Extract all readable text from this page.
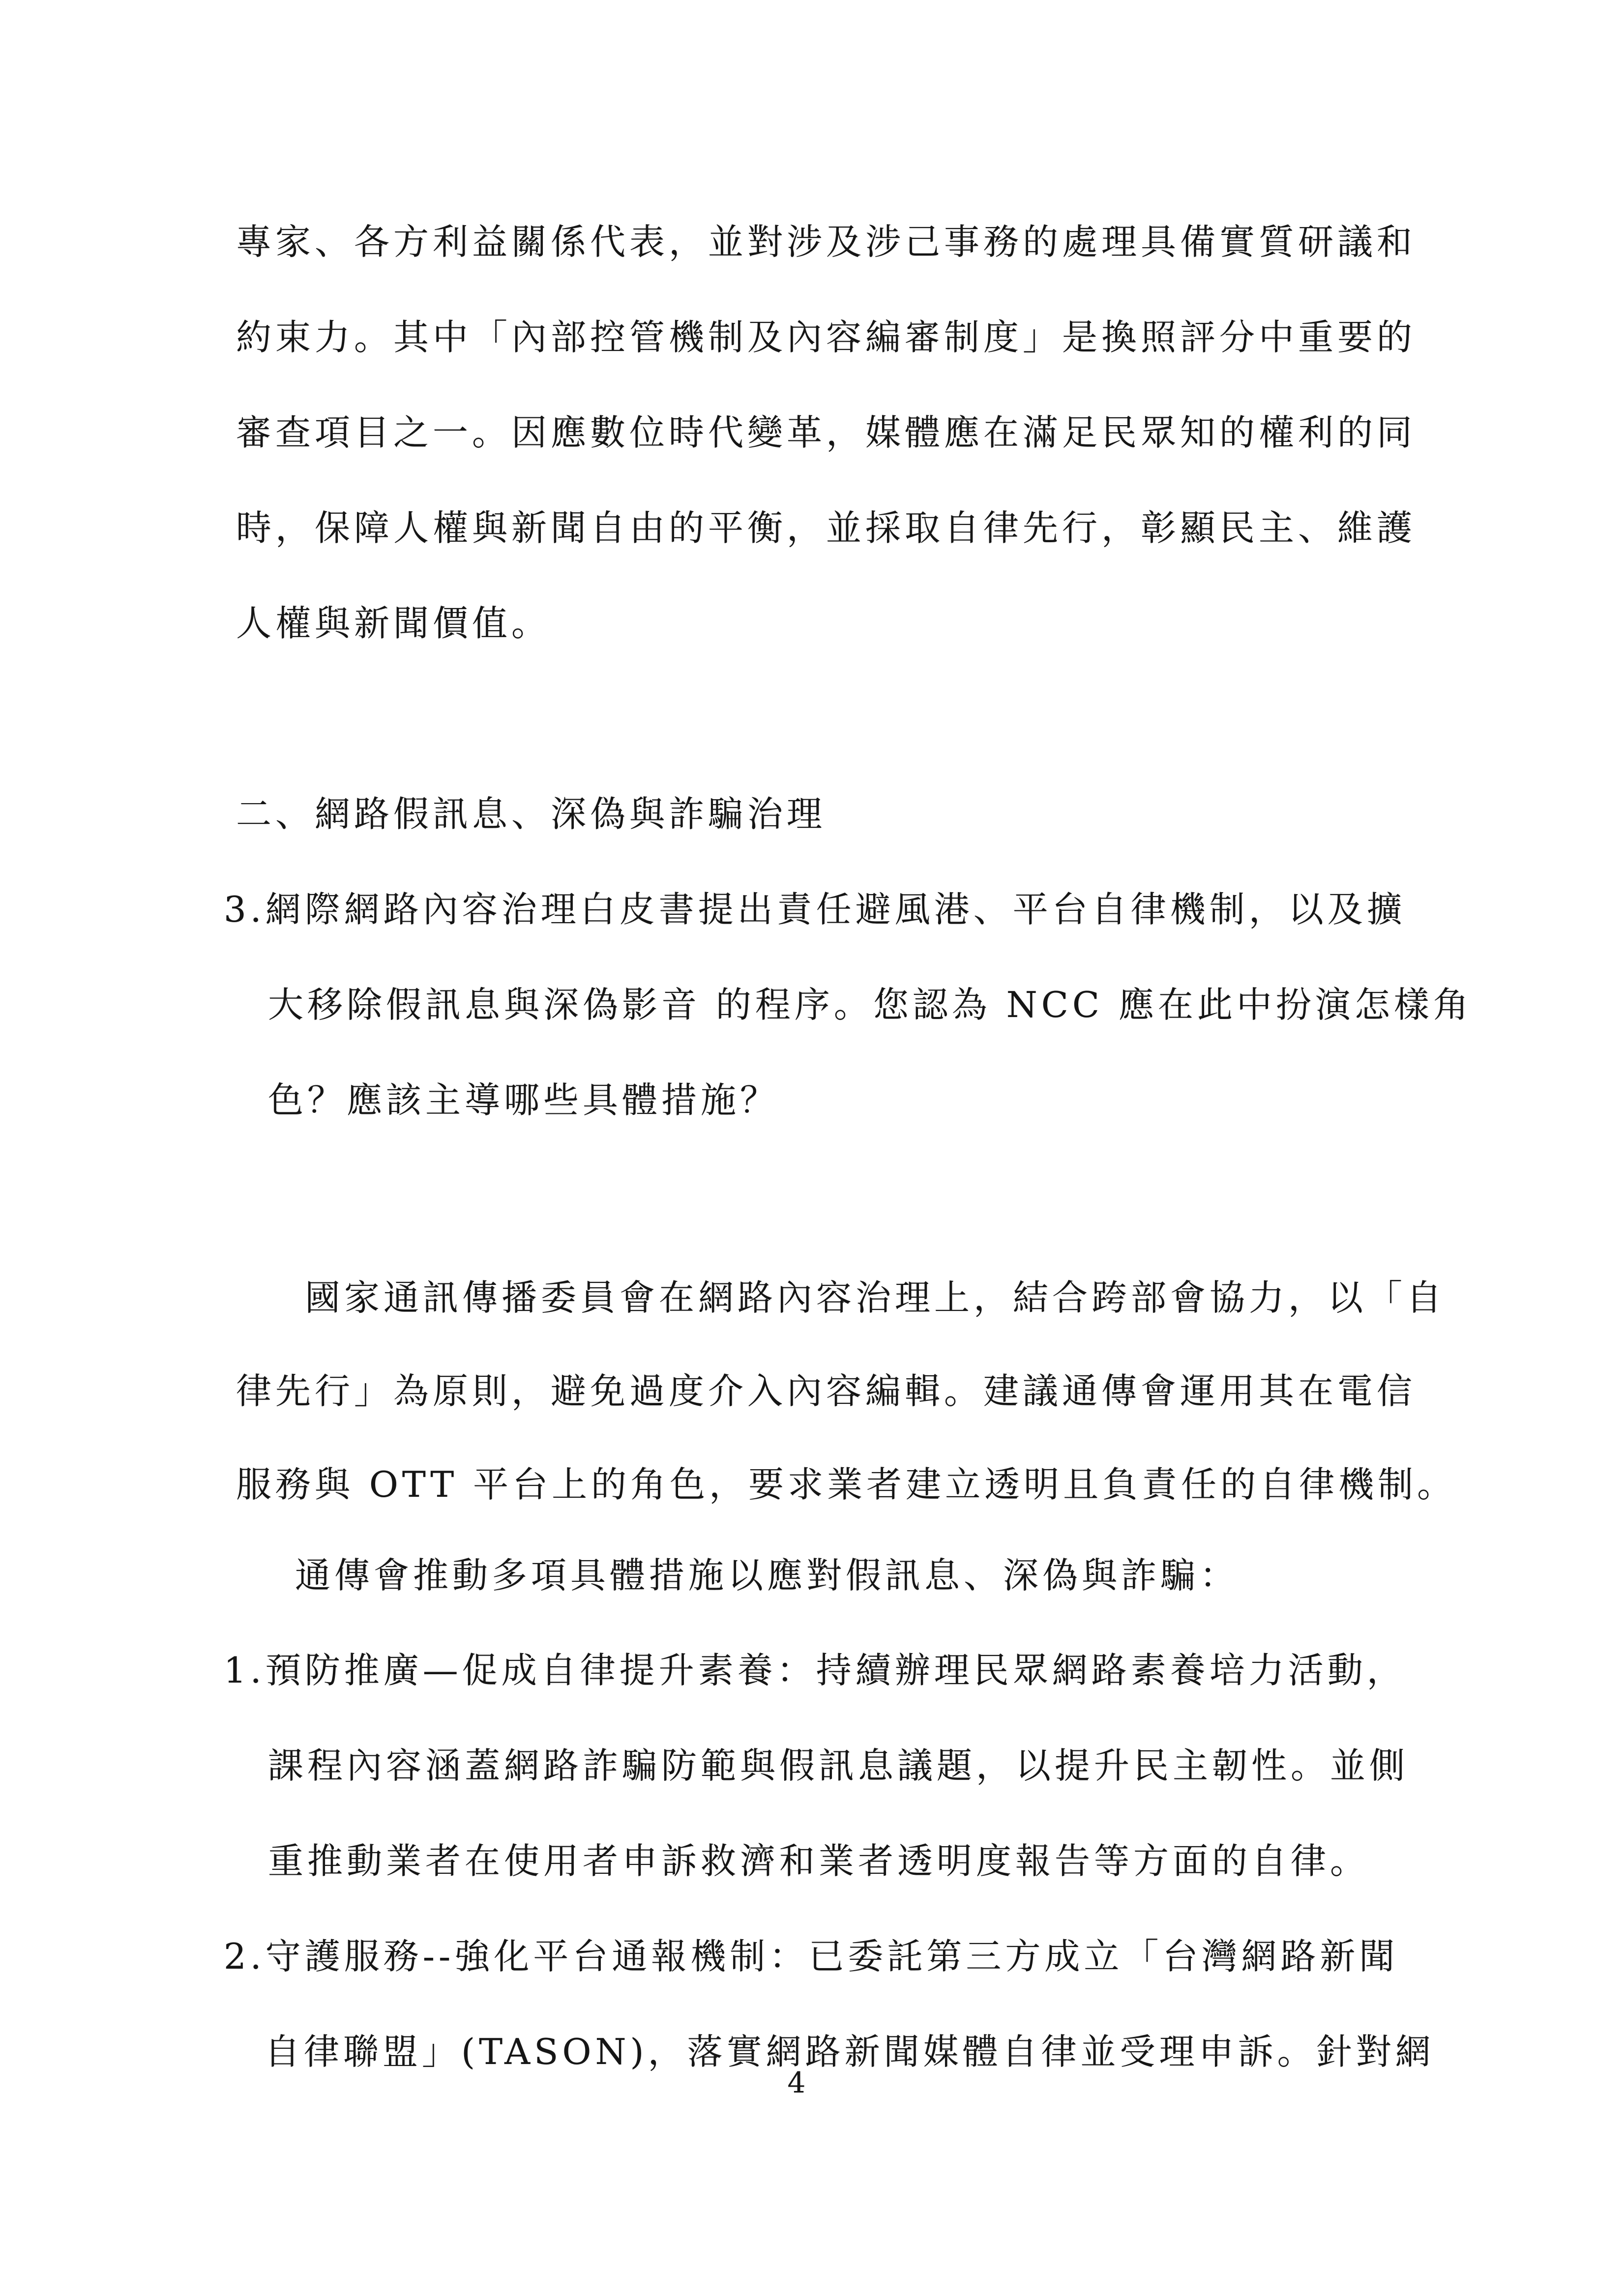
專家、各方利益關係代表，並對涉及涉己事務的處理具備實質研議和
約束力。其中「內部控管機制及內容編審制度」是換照評分中重要的
審查項目之一。因應數位時代變革，媒體應在滿足民眾知的權利的同
時，保障人權與新聞自由的平衡，並採取自律先行，彰顯民主、維護
人權與新聞價值。
二、網路假訊息、深偽與詐騙治理
3.網際網路內容治理白皮書提出責任避風港、平台自律機制，以及擴
大移除假訊息與深偽影音 的程序。您認為 NCC 應在此中扮演怎樣角
色？應該主導哪些具體措施？
國家通訊傳播委員會在網路內容治理上，結合跨部會協力，以「自
律先行」為原則，避免過度介入內容編輯。建議通傳會運用其在電信
服務與 OTT 平台上的角色，要求業者建立透明且負責任的自律機制。
通傳會推動多項具體措施以應對假訊息、深偽與詐騙：
1.預防推廣—促成自律提升素養：持續辦理民眾網路素養培力活動，
課程內容涵蓋網路詐騙防範與假訊息議題，以提升民主韌性。並側
重推動業者在使用者申訴救濟和業者透明度報告等方面的自律。
2.守護服務--強化平台通報機制：已委託第三方成立「台灣網路新聞
自律聯盟」(TASON)，落實網路新聞媒體自律並受理申訴。針對網
4
